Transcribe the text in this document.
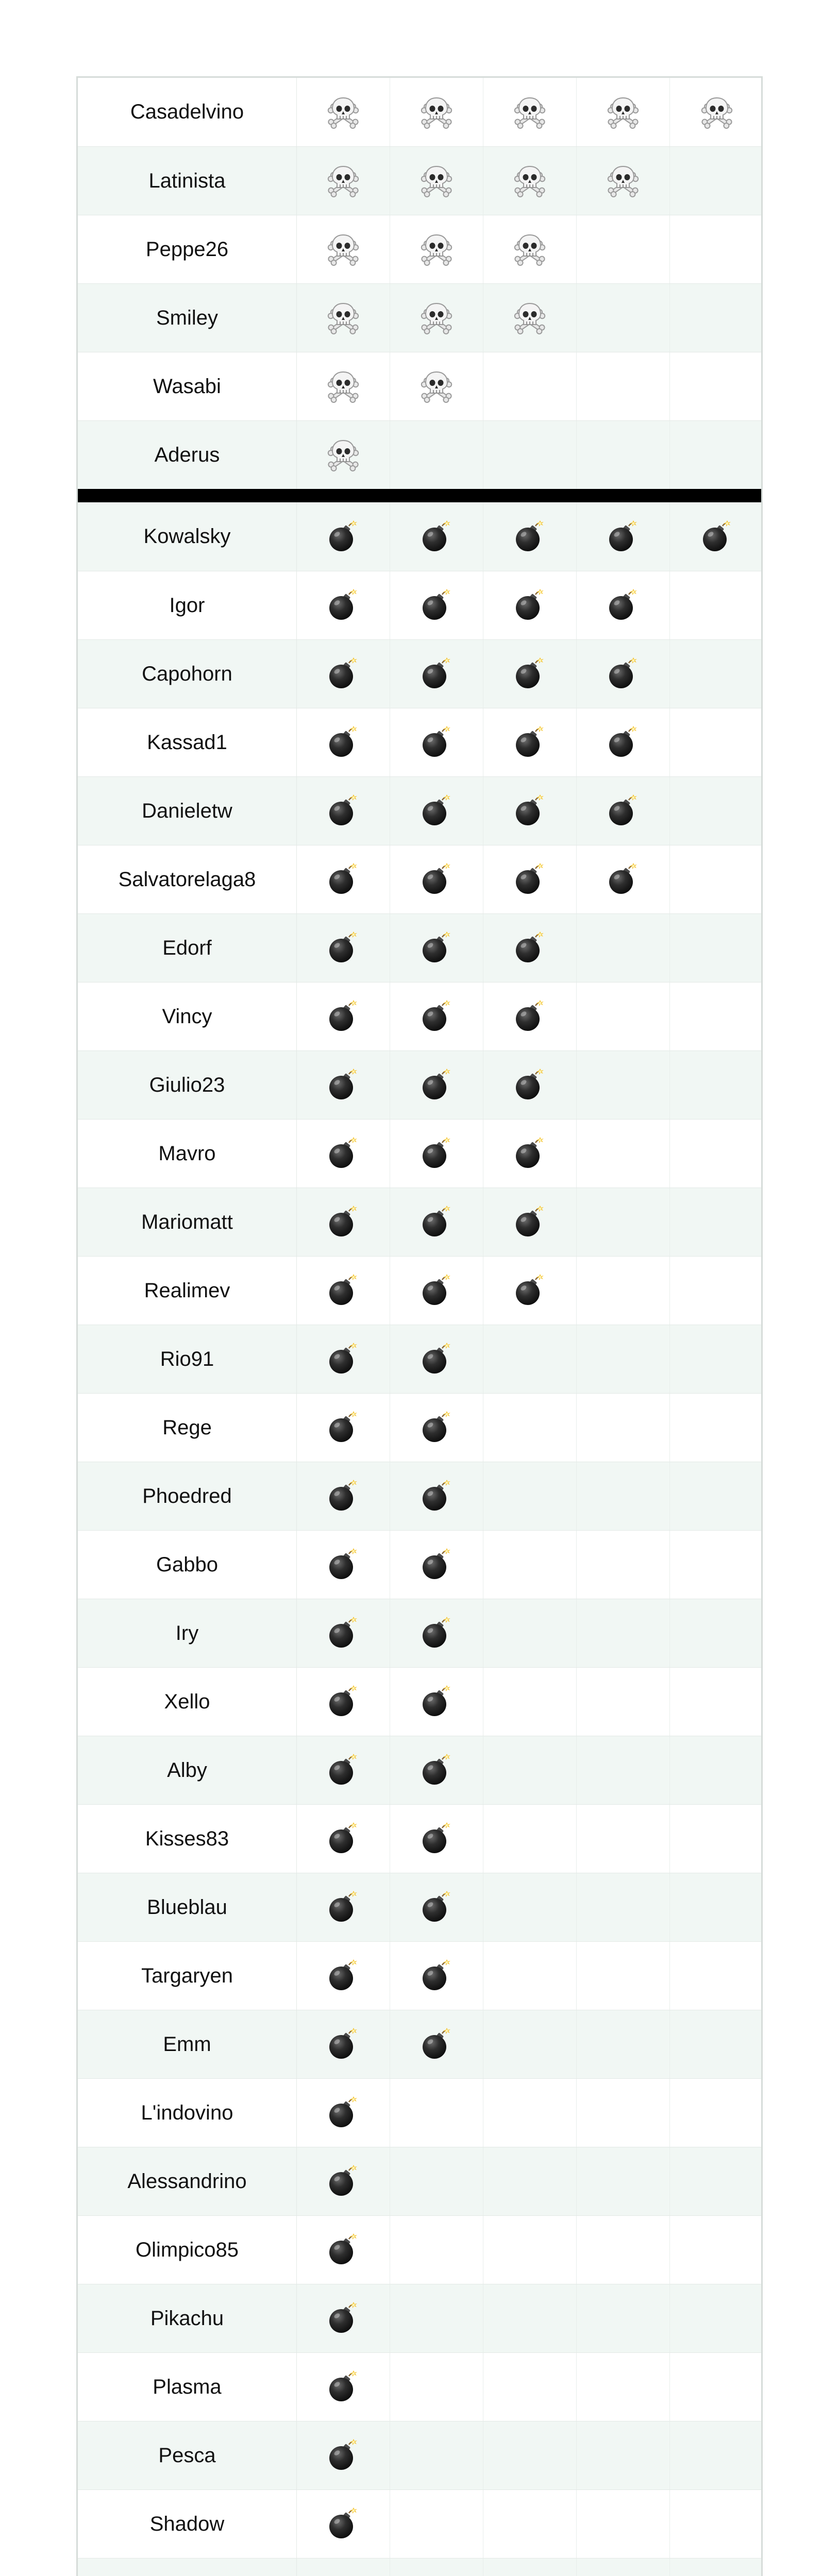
Casadelvino
Latinista
Peppe26
Smiley
Wasabi
Aderus
Kowalsky
Igor
Capohorn
Kassad1
Danieletw
Salvatorelaga8
Edorf
Vincy
Giulio23
Mavro
Mariomatt
Realimev
Rio91
Rege
Phoedred
Gabbo
Iry
Xello
Alby
Kisses83
Blueblau
Targaryen
Emm
L'indovino
Alessandrino
Olimpico85
Pikachu
Plasma
Pesca
Shadow
